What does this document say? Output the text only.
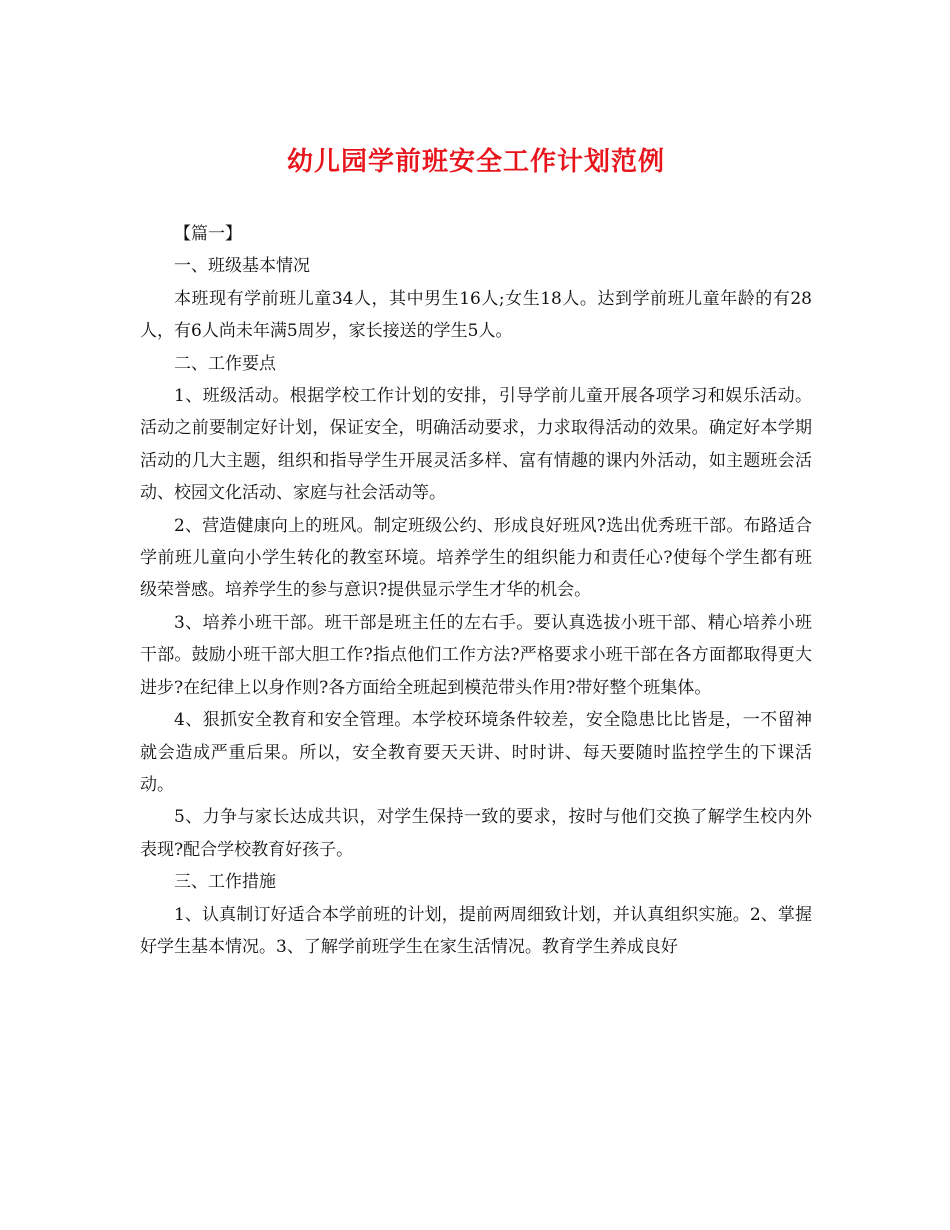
幼儿园学前班安全工作计划范例

【篇一】

一、班级基本情况

本班现有学前班儿童34人，其中男生16人;女生18人。达到学前班儿童年龄的有28人，有6人尚未年满5周岁，家长接送的学生5人。

二、工作要点

1、班级活动。根据学校工作计划的安排，引导学前儿童开展各项学习和娱乐活动。活动之前要制定好计划，保证安全，明确活动要求，力求取得活动的效果。确定好本学期活动的几大主题，组织和指导学生开展灵活多样、富有情趣的课内外活动，如主题班会活动、校园文化活动、家庭与社会活动等。

2、营造健康向上的班风。制定班级公约、形成良好班风?选出优秀班干部。布路适合学前班儿童向小学生转化的教室环境。培养学生的组织能力和责任心?使每个学生都有班级荣誉感。培养学生的参与意识?提供显示学生才华的机会。

3、培养小班干部。班干部是班主任的左右手。要认真选拔小班干部、精心培养小班干部。鼓励小班干部大胆工作?指点他们工作方法?严格要求小班干部在各方面都取得更大进步?在纪律上以身作则?各方面给全班起到模范带头作用?带好整个班集体。

4、狠抓安全教育和安全管理。本学校环境条件较差，安全隐患比比皆是，一不留神就会造成严重后果。所以，安全教育要天天讲、时时讲、每天要随时监控学生的下课活动。

5、力争与家长达成共识，对学生保持一致的要求，按时与他们交换了解学生校内外表现?配合学校教育好孩子。

三、工作措施

1、认真制订好适合本学前班的计划，提前两周细致计划，并认真组织实施。2、掌握好学生基本情况。3、了解学前班学生在家生活情况。教育学生养成良好
